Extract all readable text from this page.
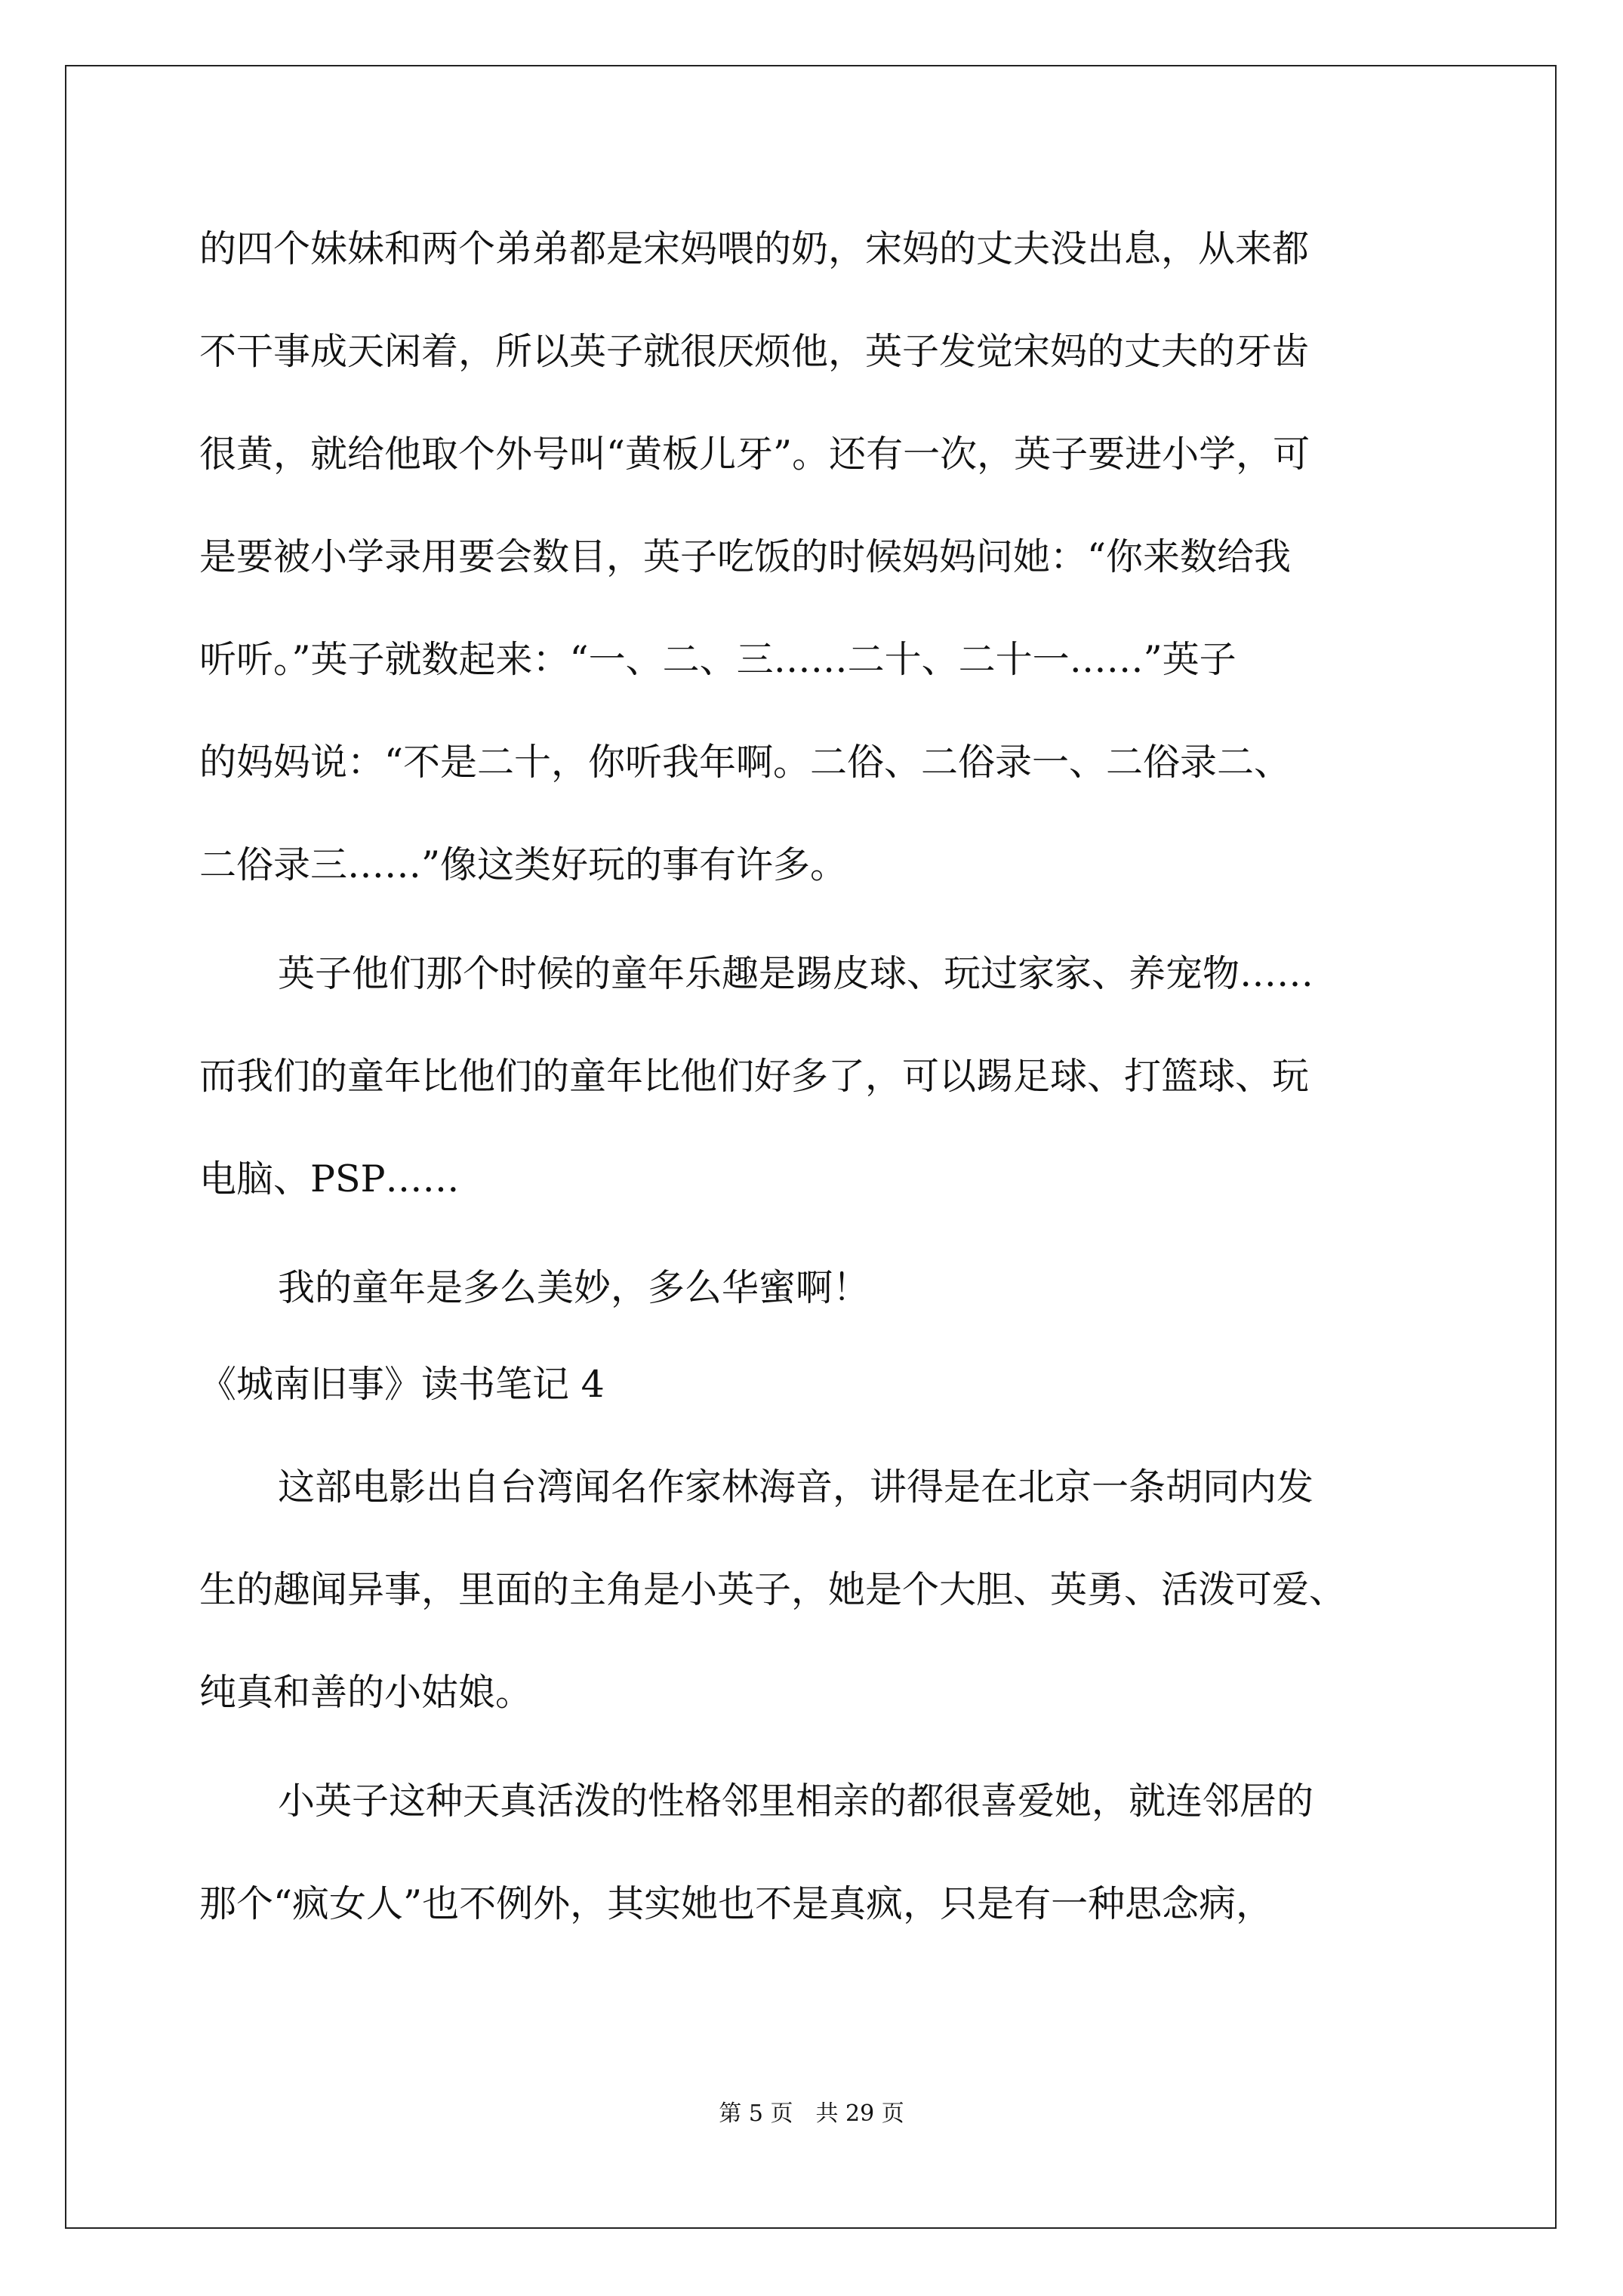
的四个妹妹和两个弟弟都是宋妈喂的奶，宋妈的丈夫没出息，从来都
不干事成天闲着，所以英子就很厌烦他，英子发觉宋妈的丈夫的牙齿
很黄，就给他取个外号叫“黄板儿牙”。还有一次，英子要进小学，可
是要被小学录用要会数目，英子吃饭的时候妈妈问她：“你来数给我
听听。”英子就数起来：“一、二、三……二十、二十一……”英子
的妈妈说：“不是二十，你听我年啊。二俗、二俗录一、二俗录二、
二俗录三……”像这类好玩的事有许多。
英子他们那个时候的童年乐趣是踢皮球、玩过家家、养宠物……
而我们的童年比他们的童年比他们好多了，可以踢足球、打篮球、玩
电脑、PSP……
我的童年是多么美妙，多么华蜜啊！
《城南旧事》读书笔记 4
这部电影出自台湾闻名作家林海音，讲得是在北京一条胡同内发
生的趣闻异事，里面的主角是小英子，她是个大胆、英勇、活泼可爱、
纯真和善的小姑娘。
小英子这种天真活泼的性格邻里相亲的都很喜爱她，就连邻居的
那个“疯女人”也不例外，其实她也不是真疯，只是有一种思念病，
第 5 页　共 29 页
